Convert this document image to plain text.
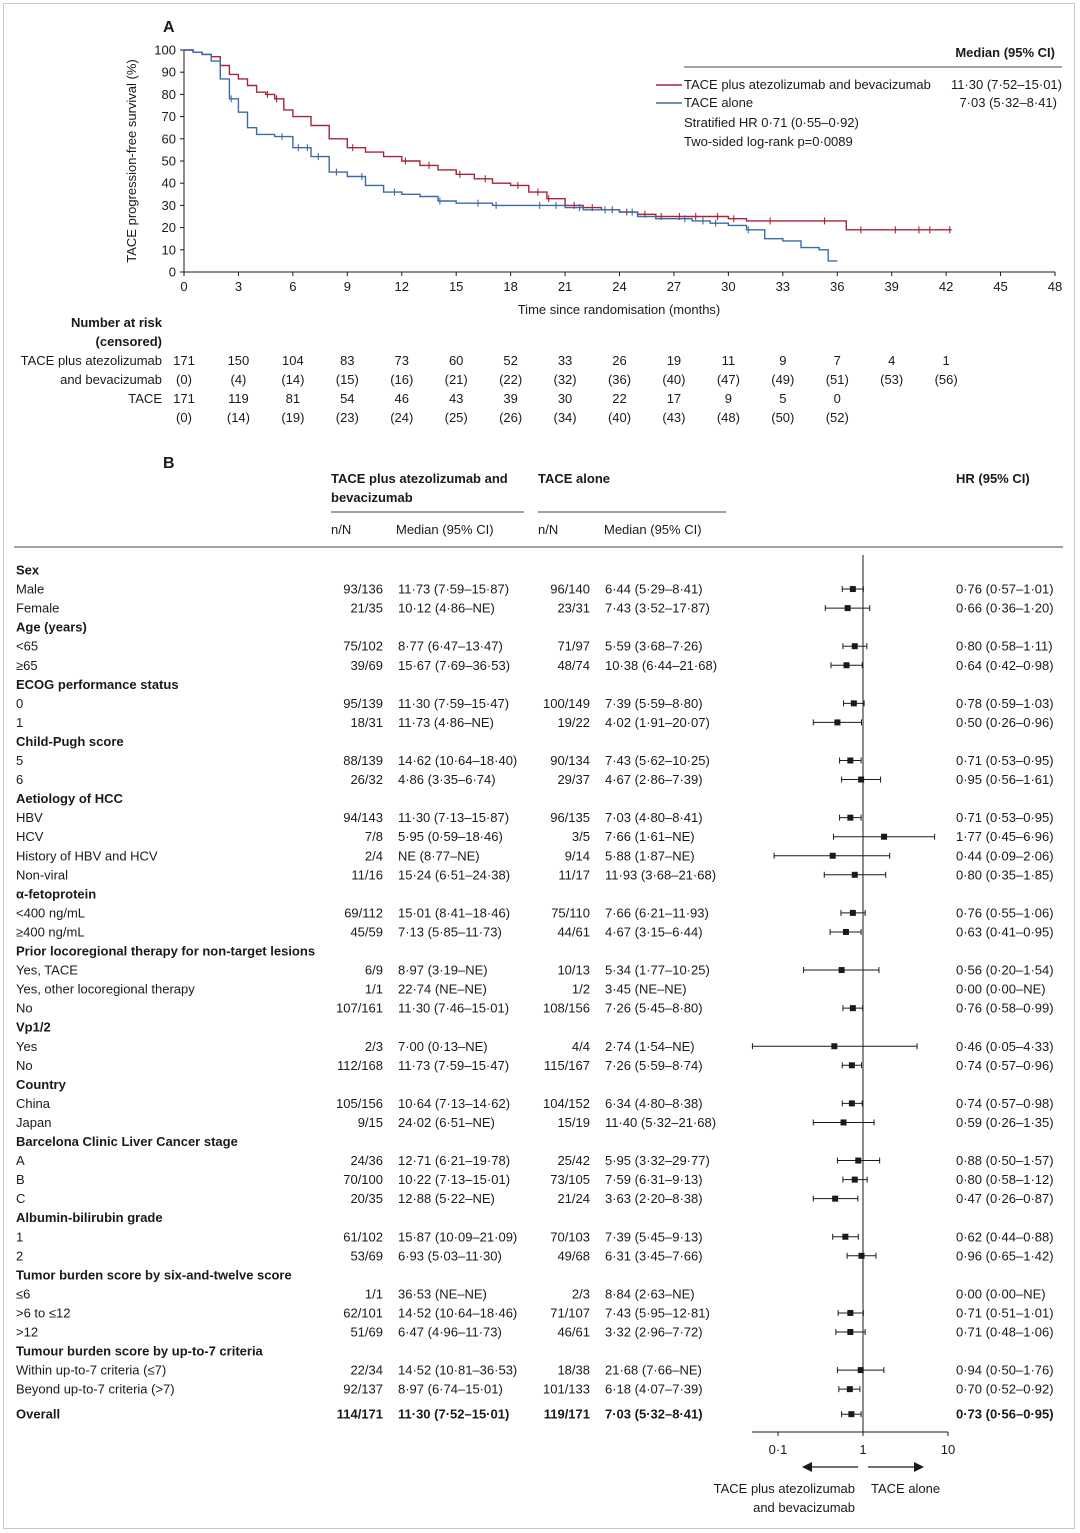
A
TACE progression-free survival (%)
Time since randomisation (months)
Median (95% CI)
TACE plus atezolizumab and bevacizumab 11·30 (7·52–15·01)
TACE alone	7·03 (5·32–8·41)
Stratified HR 0·71 (0·55–0·92)
Two-sided log-rank p=0·0089
Number at risk
(censored)
TACE plus atezolizumab
and bevacizumab
TACE
0	3	6	9	12	15	18	21	24	27	30	33	36	39	42	45	48
0
10
20
30
40
50
60
70
80
90
100
171	150	104	83	73	60	52	33	26	19	11	9	7	4	1
(0)	(4)	(14) (15) (16) (21) (22) (32) (36) (40) (47) (49) (51) (53) (56)
171	119	81	54	46	43	39	30	22	17	9	5	0
(0)	(14) (19) (23) (24) (25) (26) (34) (40) (43) (48) (50) (52)
B
TACE plus atezolizumab and
bevacizumab
TACE alone	HR (95% CI)
n/N	Median (95% CI)	n/N	Median (95% CI)
Sex
Male	93/136 11·73 (7·59–15·87)	96/140 6·44 (5·29–8·41)	0·76 (0·57–1·01)
Female	21/35 10·12 (4·86–NE)	23/31 7·43 (3·52–17·87)	0·66 (0·36–1·20)
Age (years)
<65	75/102 8·77 (6·47–13·47)	71/97 5·59 (3·68–7·26)	0·80 (0·58–1·11)
≥65	39/69 15·67 (7·69–36·53)	48/74 10·38 (6·44–21·68)	0·64 (0·42–0·98)
ECOG performance status
0	95/139 11·30 (7·59–15·47)	100/149 7·39 (5·59–8·80)	0·78 (0·59–1·03)
1	18/31 11·73 (4·86–NE)	19/22 4·02 (1·91–20·07)	0·50 (0·26–0·96)
Child-Pugh score
5	88/139 14·62 (10·64–18·40)	90/134 7·43 (5·62–10·25)	0·71 (0·53–0·95)
6	26/32 4·86 (3·35–6·74)	29/37 4·67 (2·86–7·39)	0·95 (0·56–1·61)
Aetiology of HCC
HBV	94/143 11·30 (7·13–15·87)	96/135 7·03 (4·80–8·41)	0·71 (0·53–0·95)
HCV	7/8 5·95 (0·59–18·46)	3/5 7·66 (1·61–NE)	1·77 (0·45–6·96)
History of HBV and HCV	2/4 NE (8·77–NE)	9/14 5·88 (1·87–NE)	0·44 (0·09–2·06)
Non-viral	11/16 15·24 (6·51–24·38)	11/17 11·93 (3·68–21·68)	0·80 (0·35–1·85)
α-fetoprotein
<400 ng/mL	69/112 15·01 (8·41–18·46)	75/110 7·66 (6·21–11·93)	0·76 (0·55–1·06)
≥400 ng/mL	45/59 7·13 (5·85–11·73)	44/61 4·67 (3·15–6·44)	0·63 (0·41–0·95)
Prior locoregional therapy for non-target lesions
Yes, TACE	6/9 8·97 (3·19–NE)	10/13 5·34 (1·77–10·25)	0·56 (0·20–1·54)
Yes, other locoregional therapy	1/1 22·74 (NE–NE)	1/2 3·45 (NE–NE)	0·00 (0·00–NE)
No	107/161 11·30 (7·46–15·01)	108/156 7·26 (5·45–8·80)	0·76 (0·58–0·99)
Vp1/2
Yes	2/3 7·00 (0·13–NE)	4/4 2·74 (1·54–NE)	0·46 (0·05–4·33)
No	112/168 11·73 (7·59–15·47)	115/167 7·26 (5·59–8·74)	0·74 (0·57–0·96)
Country
China	105/156 10·64 (7·13–14·62)	104/152 6·34 (4·80–8·38)	0·74 (0·57–0·98)
Japan	9/15 24·02 (6·51–NE)	15/19 11·40 (5·32–21·68)	0·59 (0·26–1·35)
Barcelona Clinic Liver Cancer stage
A	24/36 12·71 (6·21–19·78)	25/42 5·95 (3·32–29·77)	0·88 (0·50–1·57)
B	70/100 10·22 (7·13–15·01)	73/105 7·59 (6·31–9·13)	0·80 (0·58–1·12)
C	20/35 12·88 (5·22–NE)	21/24 3·63 (2·20–8·38)	0·47 (0·26–0·87)
Albumin-bilirubin grade
1	61/102 15·87 (10·09–21·09)	70/103 7·39 (5·45–9·13)	0·62 (0·44–0·88)
2	53/69 6·93 (5·03–11·30)	49/68 6·31 (3·45–7·66)	0·96 (0·65–1·42)
Tumor burden score by six-and-twelve score
≤6	1/1 36·53 (NE–NE)	2/3 8·84 (2·63–NE)	0·00 (0·00–NE)
>6 to ≤12	62/101 14·52 (10·64–18·46)	71/107 7·43 (5·95–12·81)	0·71 (0·51–1·01)
>12	51/69 6·47 (4·96–11·73)	46/61 3·32 (2·96–7·72)	0·71 (0·48–1·06)
Tumour burden score by up-to-7 criteria
Within up-to-7 criteria (≤7)	22/34 14·52 (10·81–36·53)	18/38 21·68 (7·66–NE)	0·94 (0·50–1·76)
Beyond up-to-7 criteria (>7)	92/137 8·97 (6·74–15·01)	101/133 6·18 (4·07–7·39)	0·70 (0·52–0·92)
Overall	114/171 11·30 (7·52–15·01)	119/171 7·03 (5·32–8·41)	0·73 (0·56–0·95)
0·1	1	10
TACE plus atezolizumab
and bevacizumab
TACE alone
